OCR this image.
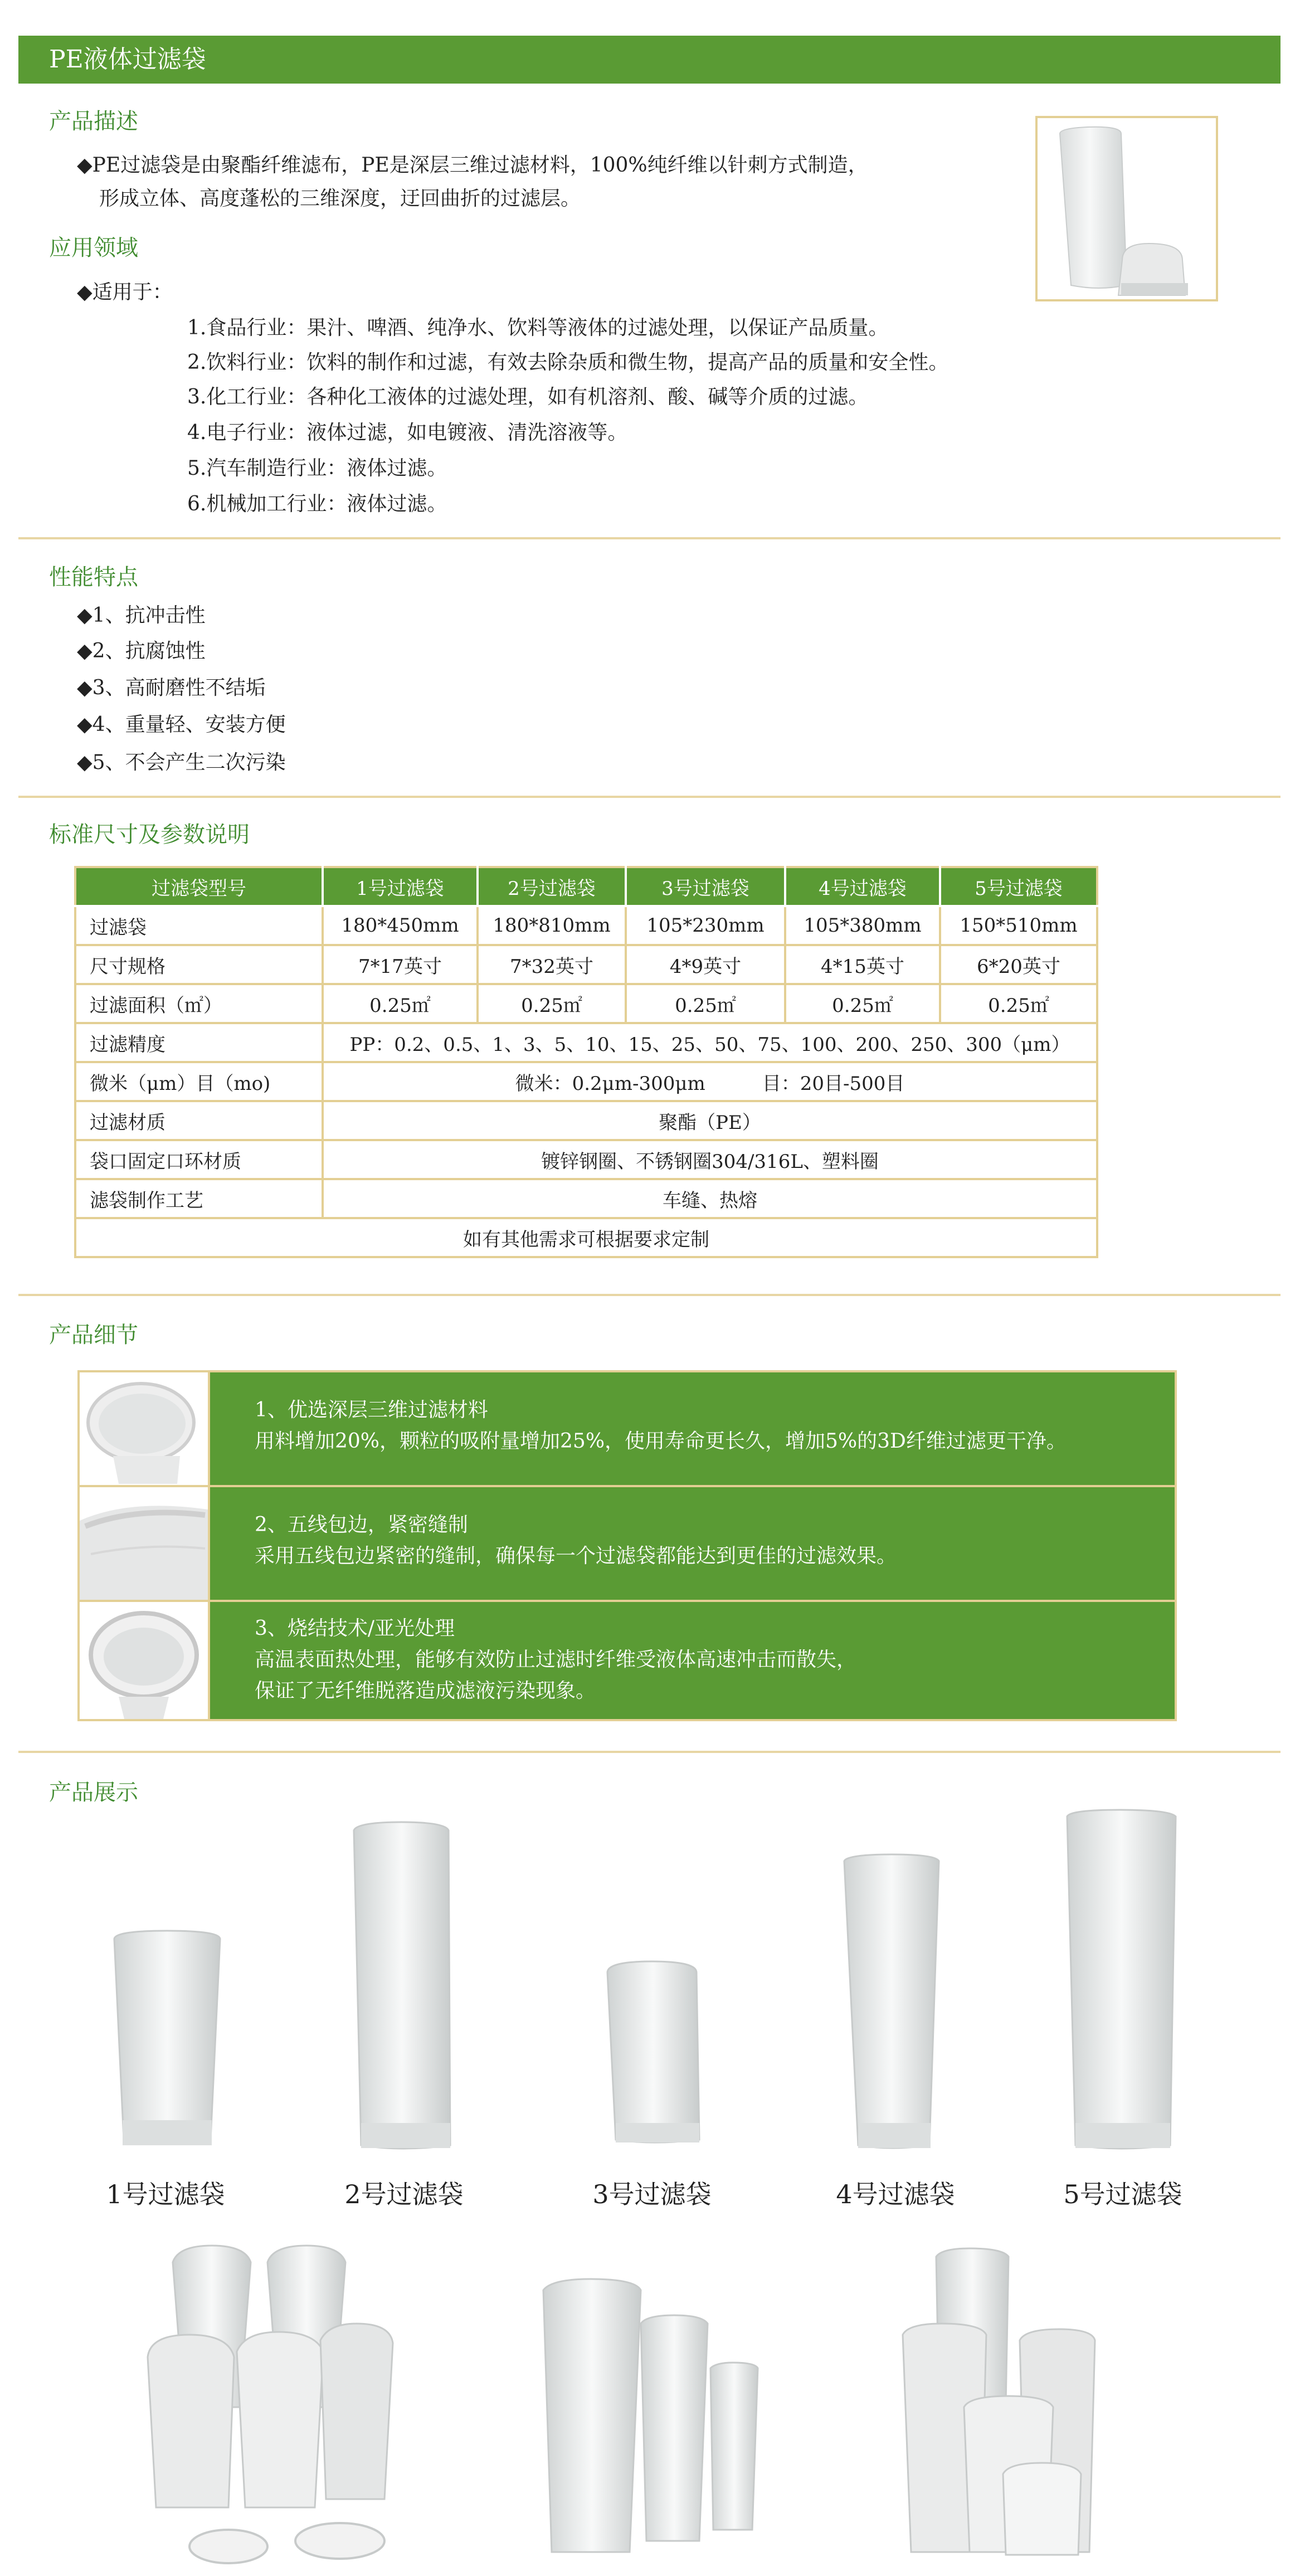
PE液体过滤袋
产品描述
◆PE过滤袋是由聚酯纤维滤布，PE是深层三维过滤材料，100%纯纤维以针刺方式制造，
形成立体、高度蓬松的三维深度，迂回曲折的过滤层。
应用领域
◆适用于：
1.食品行业：果汁、啤酒、纯净水、饮料等液体的过滤处理，以保证产品质量。
2.饮料行业：饮料的制作和过滤，有效去除杂质和微生物，提高产品的质量和安全性。
3.化工行业：各种化工液体的过滤处理，如有机溶剂、酸、碱等介质的过滤。
4.电子行业：液体过滤，如电镀液、清洗溶液等。
5.汽车制造行业：液体过滤。
6.机械加工行业：液体过滤。
性能特点
◆1、抗冲击性
◆2、抗腐蚀性
◆3、高耐磨性不结垢
◆4、重量轻、安装方便
◆5、不会产生二次污染
标准尺寸及参数说明
过滤袋型号	1号过滤袋	2号过滤袋	3号过滤袋	4号过滤袋	5号过滤袋
过滤袋	180*450mm	180*810mm	105*230mm	105*380mm	150*510mm
尺寸规格	7*17英寸	7*32英寸	4*9英寸	4*15英寸	6*20英寸
过滤面积（㎡）	0.25㎡	0.25㎡	0.25㎡	0.25㎡	0.25㎡
过滤精度	PP：0.2、0.5、1、3、5、10、15、25、50、75、100、200、250、300（μm）				
微米（μm）目（mo)	微米：0.2μm-300μm　　　目：20目-500目				
过滤材质	聚酯（PE）				
袋口固定口环材质	镀锌钢圈、不锈钢圈304/316L、塑料圈				
滤袋制作工艺	车缝、热熔				
如有其他需求可根据要求定制					
产品细节
1、优选深层三维过滤材料
用料增加20%，颗粒的吸附量增加25%，使用寿命更长久，增加5%的3D纤维过滤更干净。
2、五线包边，紧密缝制
采用五线包边紧密的缝制，确保每一个过滤袋都能达到更佳的过滤效果。
3、烧结技术/亚光处理
高温表面热处理，能够有效防止过滤时纤维受液体高速冲击而散失，
保证了无纤维脱落造成滤液污染现象。
产品展示
1号过滤袋	2号过滤袋	3号过滤袋	4号过滤袋	5号过滤袋
